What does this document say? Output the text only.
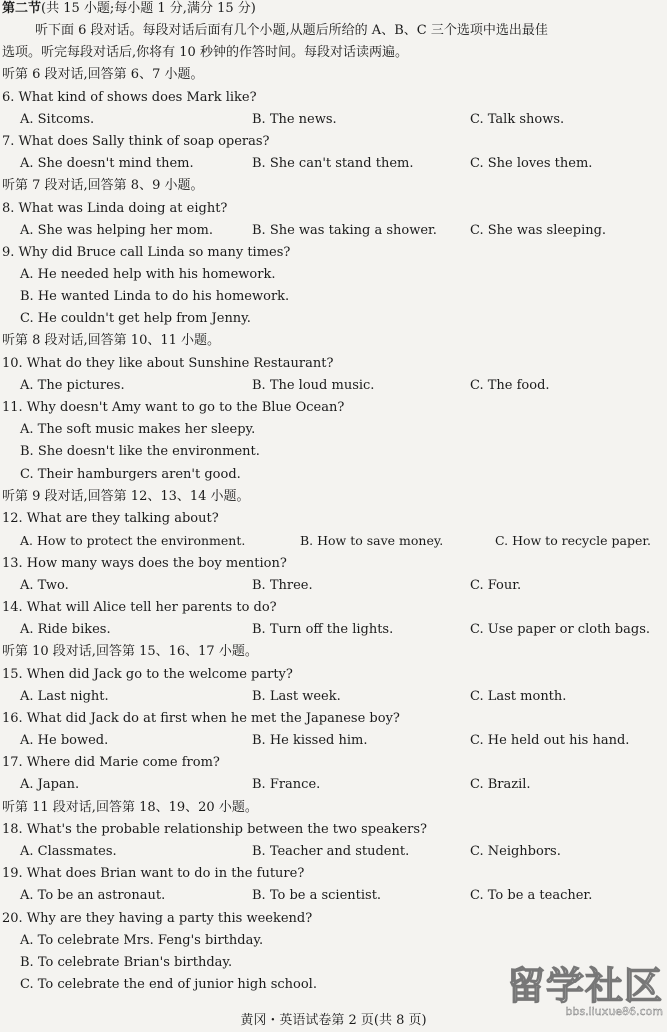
第二节(共 15 小题;每小题 1 分,满分 15 分)
听下面 6 段对话。每段对话后面有几个小题,从题后所给的 A、B、C 三个选项中选出最佳
选项。听完每段对话后,你将有 10 秒钟的作答时间。每段对话读两遍。
听第 6 段对话,回答第 6、7 小题。
6. What kind of shows does Mark like?
A. Sitcoms.	B. The news.	C. Talk shows.
7. What does Sally think of soap operas?
A. She doesn't mind them.	B. She can't stand them.	C. She loves them.
听第 7 段对话,回答第 8、9 小题。
8. What was Linda doing at eight?
A. She was helping her mom.	B. She was taking a shower.	C. She was sleeping.
9. Why did Bruce call Linda so many times?
A. He needed help with his homework.
B. He wanted Linda to do his homework.
C. He couldn't get help from Jenny.
听第 8 段对话,回答第 10、11 小题。
10. What do they like about Sunshine Restaurant?
A. The pictures.	B. The loud music.	C. The food.
11. Why doesn't Amy want to go to the Blue Ocean?
A. The soft music makes her sleepy.
B. She doesn't like the environment.
C. Their hamburgers aren't good.
听第 9 段对话,回答第 12、13、14 小题。
12. What are they talking about?
A. How to protect the environment.	B. How to save money.	C. How to recycle paper.
13. How many ways does the boy mention?
A. Two.	B. Three.	C. Four.
14. What will Alice tell her parents to do?
A. Ride bikes.	B. Turn off the lights.	C. Use paper or cloth bags.
听第 10 段对话,回答第 15、16、17 小题。
15. When did Jack go to the welcome party?
A. Last night.	B. Last week.	C. Last month.
16. What did Jack do at first when he met the Japanese boy?
A. He bowed.	B. He kissed him.	C. He held out his hand.
17. Where did Marie come from?
A. Japan.	B. France.	C. Brazil.
听第 11 段对话,回答第 18、19、20 小题。
18. What's the probable relationship between the two speakers?
A. Classmates.	B. Teacher and student.	C. Neighbors.
19. What does Brian want to do in the future?
A. To be an astronaut.	B. To be a scientist.	C. To be a teacher.
20. Why are they having a party this weekend?
A. To celebrate Mrs. Feng's birthday.
B. To celebrate Brian's birthday.
C. To celebrate the end of junior high school.
黄冈・英语试卷第 2 页(共 8 页)
留学社区
bbs.liuxue86.com
